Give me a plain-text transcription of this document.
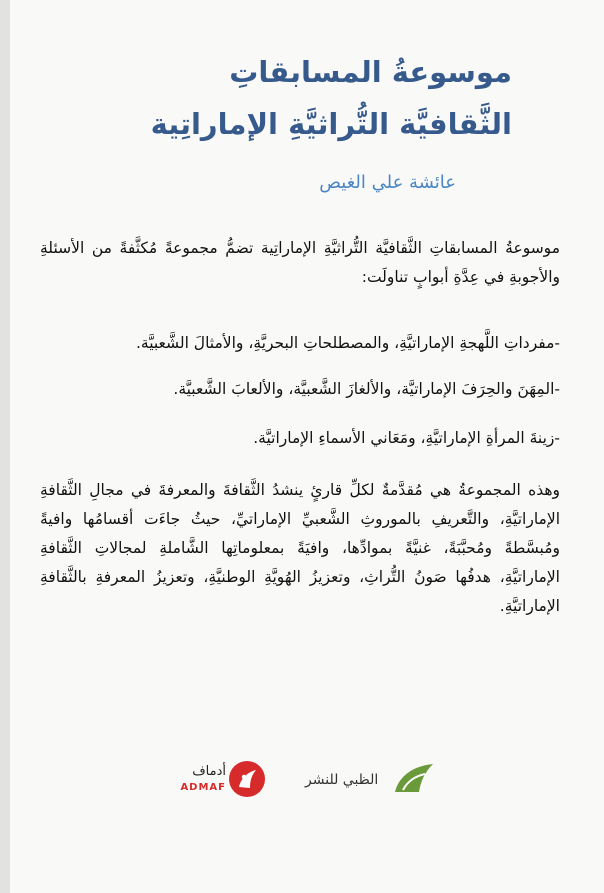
موسوعةُ المسابقاتِ
الثَّقافيَّة التُّراثيَّةِ الإماراتِية
عائشة علي الغيص
موسوعةُ المسابقاتِ الثَّقافيَّة التُّراثيَّةِ الإماراتِية تضمُّ مجموعةً مُكثَّفةً من الأسئلةِ والأجوبةِ في عِدَّةِ أبوابٍ تناولَت:
-مفرداتِ اللَّهجةِ الإماراتيَّةِ، والمصطلحاتِ البحريَّةِ، والأمثالَ الشَّعبيَّة.
-المِهَنَ والحِرَفَ الإماراتيَّة، والألغازَ الشَّعبيَّة، والألعابَ الشَّعبيَّة.
-زينةَ المرأةِ الإماراتيَّةِ، ومَعَاني الأسماءِ الإماراتيَّة.
وهذه المجموعةُ هي مُقدَّمةٌ لكلِّ قارئٍ ينشدُ الثَّقافةَ والمعرفةَ في مجالِ الثَّقافةِ الإماراتيَّةِ، والتَّعريفِ بالموروثِ الشَّعبيِّ الإماراتيِّ، حيثُ جاءَت أقسامُها وافيةً ومُبسَّطةً ومُحبَّبَةً، غنيَّةً بموادِّها، وافيَةً بمعلوماتِها الشَّاملةِ لمجالاتِ الثَّقافةِ الإماراتيَّةِ، هدفُها صَونُ التُّراثِ، وتعزيزُ الهُويَّةِ الوطنيَّةِ، وتعزيزُ المعرفةِ بالثَّقافةِ الإماراتيَّةِ.
أدماف
ADMAF	الظبي للنشر
